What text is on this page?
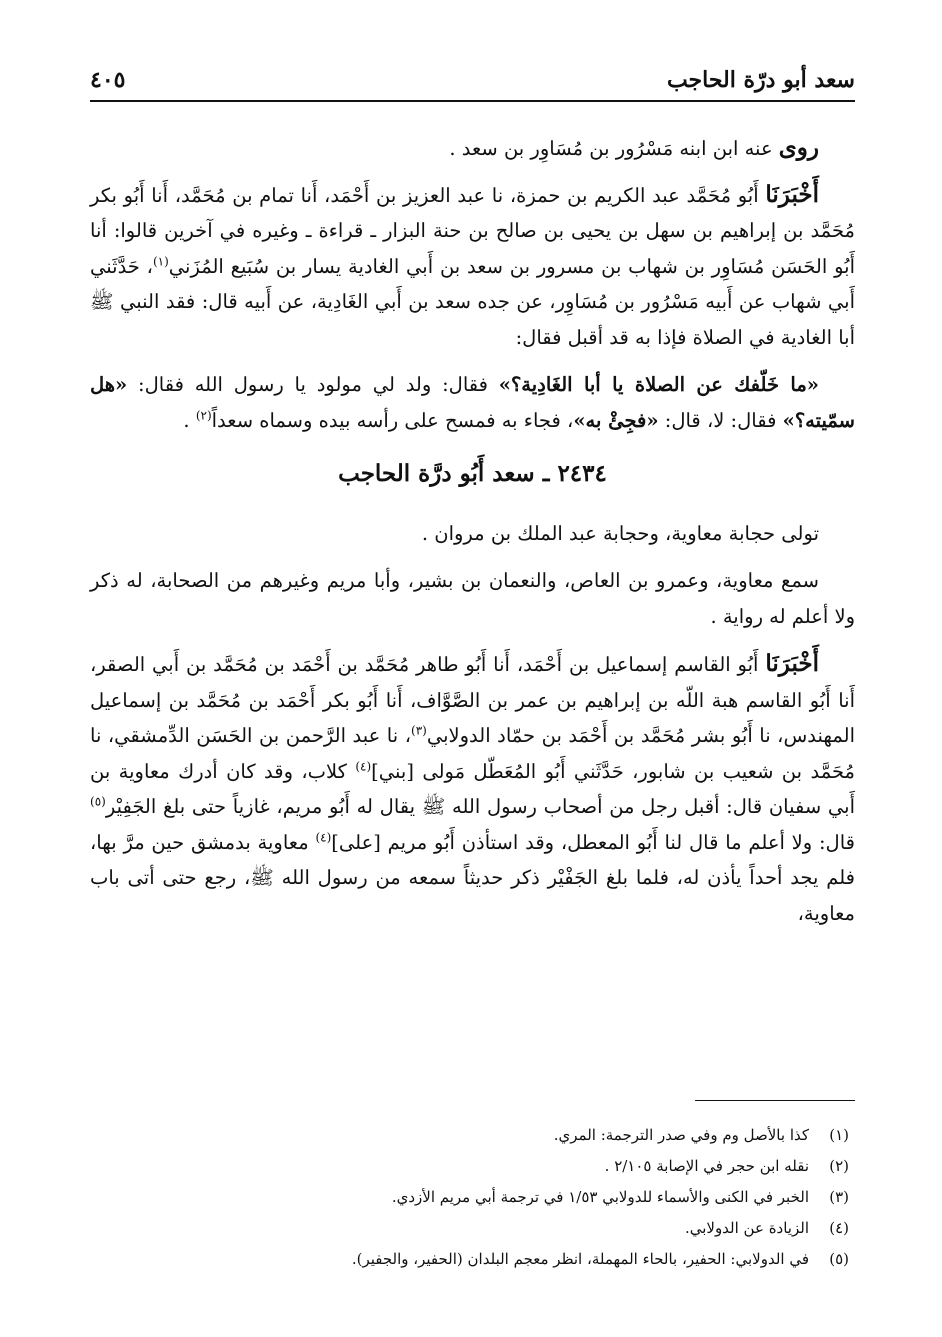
سعد أبو درّة الحاجب
٤٠٥

روى عنه ابن ابنه مَسْرُور بن مُسَاوِر بن سعد .

أَخْبَرَنَا أَبُو مُحَمَّد عبد الكريم بن حمزة، نا عبد العزيز بن أَحْمَد، أَنا تمام بن مُحَمَّد، أَنا أَبُو بكر مُحَمَّد بن إبراهيم بن سهل بن يحيى بن صالح بن حنة البزار ـ قراءة ـ وغيره في آخرين قالوا: أنا أَبُو الحَسَن مُسَاوِر بن شهاب بن مسرور بن سعد بن أَبي الغادية يسار بن سُبَيع المُزَني$^{(١)}$، حَدَّثَني أَبي شهاب عن أَبيه مَسْرُور بن مُسَاوِر، عن جده سعد بن أَبي الغَادِية، عن أَبيه قال: فقد النبي ﷺ أبا الغادية في الصلاة فإذا به قد أقبل فقال:

«ما خَلّفك عن الصلاة يا أبا الغَادِية؟» فقال: ولد لي مولود يا رسول الله فقال: «هل سمّيته؟» فقال: لا، قال: «فجِئْ به»، فجاء به فمسح على رأسه بيده وسماه سعداً$^{(٢)}$ .

٢٤٣٤ ـ سعد أَبُو درَّة الحاجب

تولى حجابة معاوية، وحجابة عبد الملك بن مروان .

سمع معاوية، وعمرو بن العاص، والنعمان بن بشير، وأبا مريم وغيرهم من الصحابة، له ذكر ولا أعلم له رواية .

أَخْبَرَنَا أَبُو القاسم إسماعيل بن أَحْمَد، أَنا أَبُو طاهر مُحَمَّد بن أَحْمَد بن مُحَمَّد بن أَبي الصقر، أَنا أَبُو القاسم هبة اللّه بن إبراهيم بن عمر بن الصَّوَّاف، أَنا أَبُو بكر أَحْمَد بن مُحَمَّد بن إسماعيل المهندس، نا أَبُو بشر مُحَمَّد بن أَحْمَد بن حمّاد الدولابي$^{(٣)}$، نا عبد الرَّحمن بن الحَسَن الدِّمشقي، نا مُحَمَّد بن شعيب بن شابور، حَدَّثَني أَبُو المُعَطّل مَولى [بني]$^{(٤)}$ كلاب، وقد كان أدرك معاوية بن أَبي سفيان قال: أقبل رجل من أصحاب رسول الله ﷺ يقال له أَبُو مريم، غازياً حتى بلغ الجَفِيْر$^{(٥)}$ قال: ولا أعلم ما قال لنا أَبُو المعطل، وقد استأذن أَبُو مريم [على]$^{(٤)}$ معاوية بدمشق حين مرَّ بها، فلم يجد أحداً يأذن له، فلما بلغ الجَفْيْر ذكر حديثاً سمعه من رسول الله ﷺ، رجع حتى أتى باب معاوية،

(١)
كذا بالأصل وم وفي صدر الترجمة: المري.
(٢)
نقله ابن حجر في الإصابة ٢/١٠٥ .
(٣)
الخبر في الكنى والأسماء للدولابي ١/٥٣ في ترجمة أبي مريم الأزدي.
(٤)
الزيادة عن الدولابي.
(٥)
في الدولابي: الحفير، بالحاء المهملة، انظر معجم البلدان (الحفير، والجفير).
